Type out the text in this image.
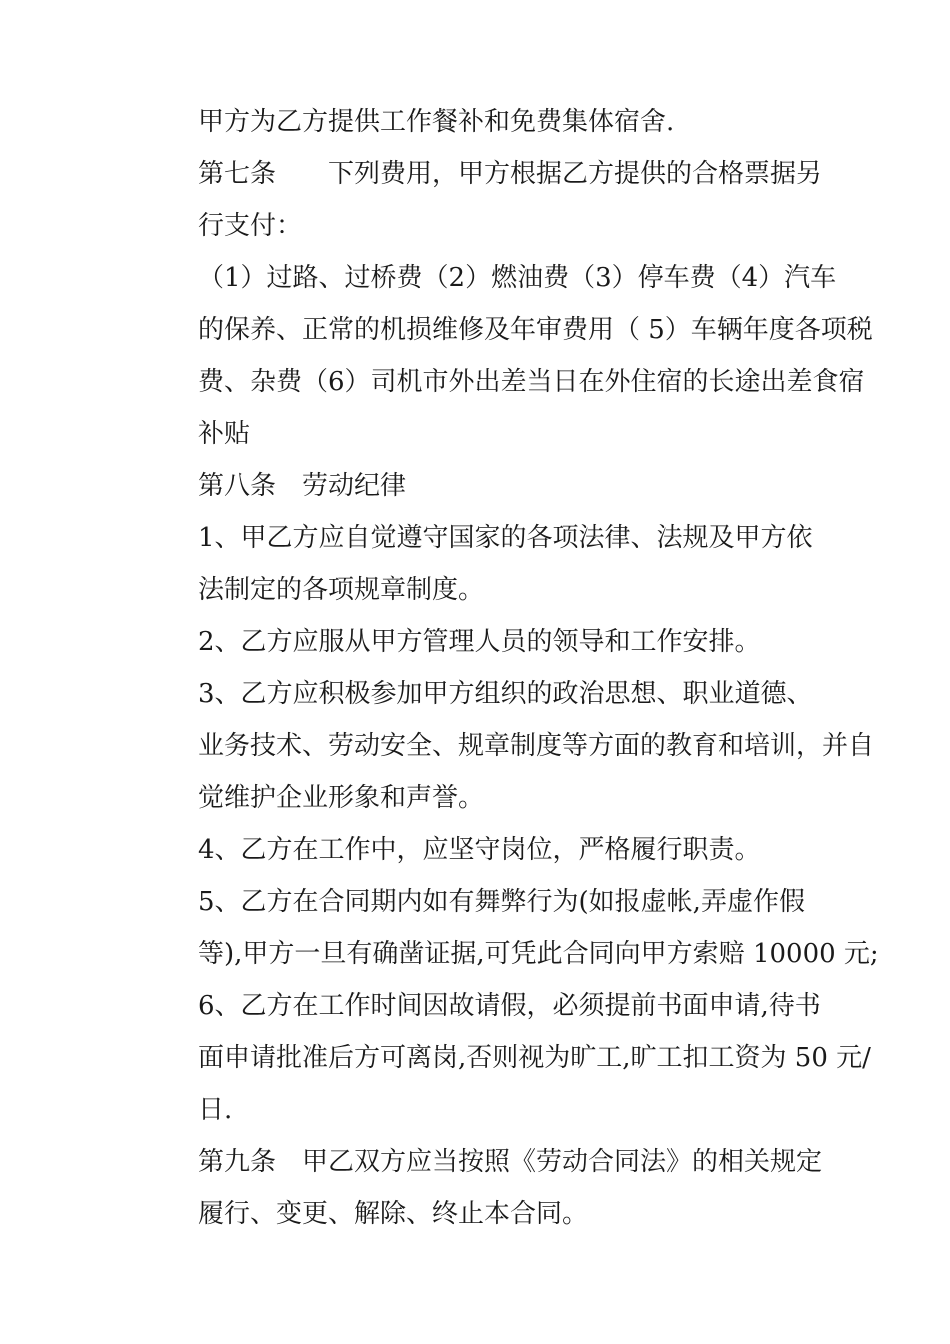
甲方为乙方提供工作餐补和免费集体宿舍.

第七条　　下列费用，甲方根据乙方提供的合格票据另
行支付：

（1）过路、过桥费（2）燃油费（3）停车费（4）汽车
的保养、正常的机损维修及年审费用（ 5）车辆年度各项税
费、杂费（6）司机市外出差当日在外住宿的长途出差食宿
补贴

第八条　劳动纪律

1、甲乙方应自觉遵守国家的各项法律、法规及甲方依
法制定的各项规章制度。

2、乙方应服从甲方管理人员的领导和工作安排。

3、乙方应积极参加甲方组织的政治思想、职业道德、
业务技术、劳动安全、规章制度等方面的教育和培训，并自
觉维护企业形象和声誉。

4、乙方在工作中，应坚守岗位，严格履行职责。

5、乙方在合同期内如有舞弊行为(如报虚帐,弄虚作假
等),甲方一旦有确凿证据,可凭此合同向甲方索赔 10000 元;

6、乙方在工作时间因故请假，必须提前书面申请,待书
面申请批准后方可离岗,否则视为旷工,旷工扣工资为 50 元/
日.

第九条　甲乙双方应当按照《劳动合同法》的相关规定
履行、变更、解除、终止本合同。
